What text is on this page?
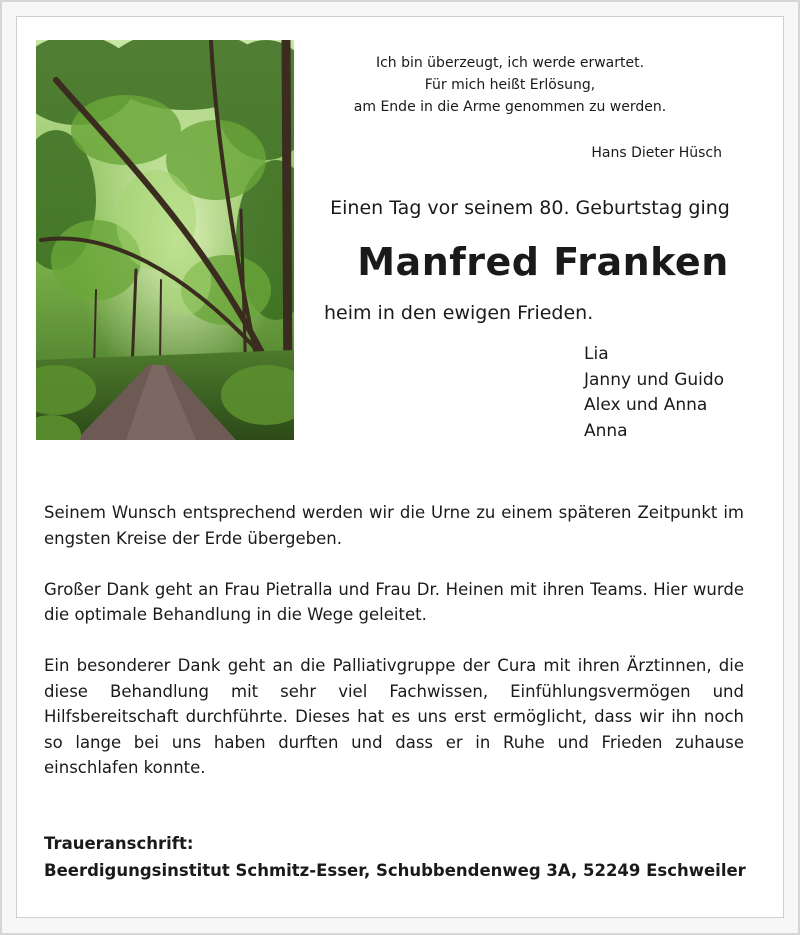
Ich bin überzeugt, ich werde erwartet.
Für mich heißt Erlösung,
am Ende in die Arme genommen zu werden.
Hans Dieter Hüsch
Einen Tag vor seinem 80. Geburtstag ging
Manfred Franken
heim in den ewigen Frieden.
Lia
Janny und Guido
Alex und Anna
Anna

Seinem Wunsch entsprechend werden wir die Urne zu einem späteren Zeitpunkt im engsten Kreise der Erde übergeben.

Großer Dank geht an Frau Pietralla und Frau Dr. Heinen mit ihren Teams. Hier wurde die optimale Behandlung in die Wege geleitet.

Ein besonderer Dank geht an die Palliativgruppe der Cura mit ihren Ärztinnen, die diese Behandlung mit sehr viel Fachwissen, Einfühlungsvermögen und Hilfsbereitschaft durchführte. Dieses hat es uns erst ermöglicht, dass wir ihn noch so lange bei uns haben durften und dass er in Ruhe und Frieden zuhause einschlafen konnte.

Traueranschrift:
Beerdigungsinstitut Schmitz-Esser, Schubbendenweg 3A, 52249 Eschweiler
